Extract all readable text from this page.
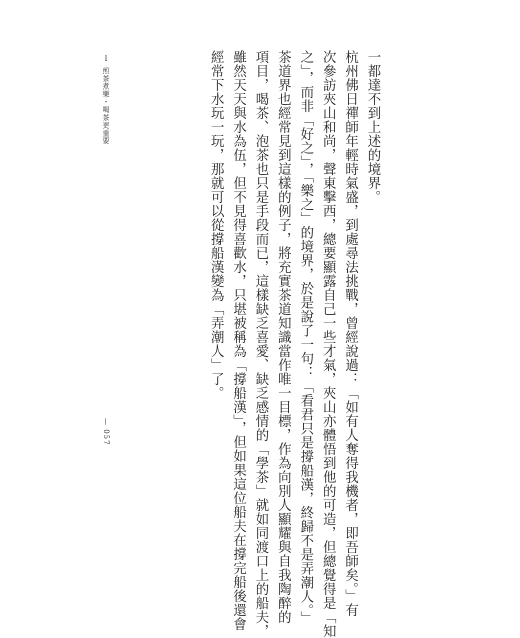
Ⅰ 煎茶煮樂・喝茶更重要
— 057

一都達不到上述的境界。

杭州佛日禪師年輕時氣盛，到處尋法挑戰，曾經說過：「如有人奪得我機者，即吾師矣。」有

次參訪夾山和尚，聲東擊西，總要顯露自己一些才氣，夾山亦體悟到他的可造，但總覺得是「知

之」，而非「好之」，「樂之」的境界，於是說了一句：「看君只是撐船漢，終歸不是弄潮人。」

茶道界也經常見到這樣的例子，將充實茶道知識當作唯一目標，作為向別人顯耀與自我陶醉的

項目，喝茶、泡茶也只是手段而已，這樣缺乏喜愛、缺乏感情的「學茶」就如同渡口上的船夫，

雖然天天與水為伍，但不見得喜歡水，只堪被稱為「撐船漢」，但如果這位船夫在撐完船後還會

經常下水玩一玩，那就可以從撐船漢變為「弄潮人」了。
